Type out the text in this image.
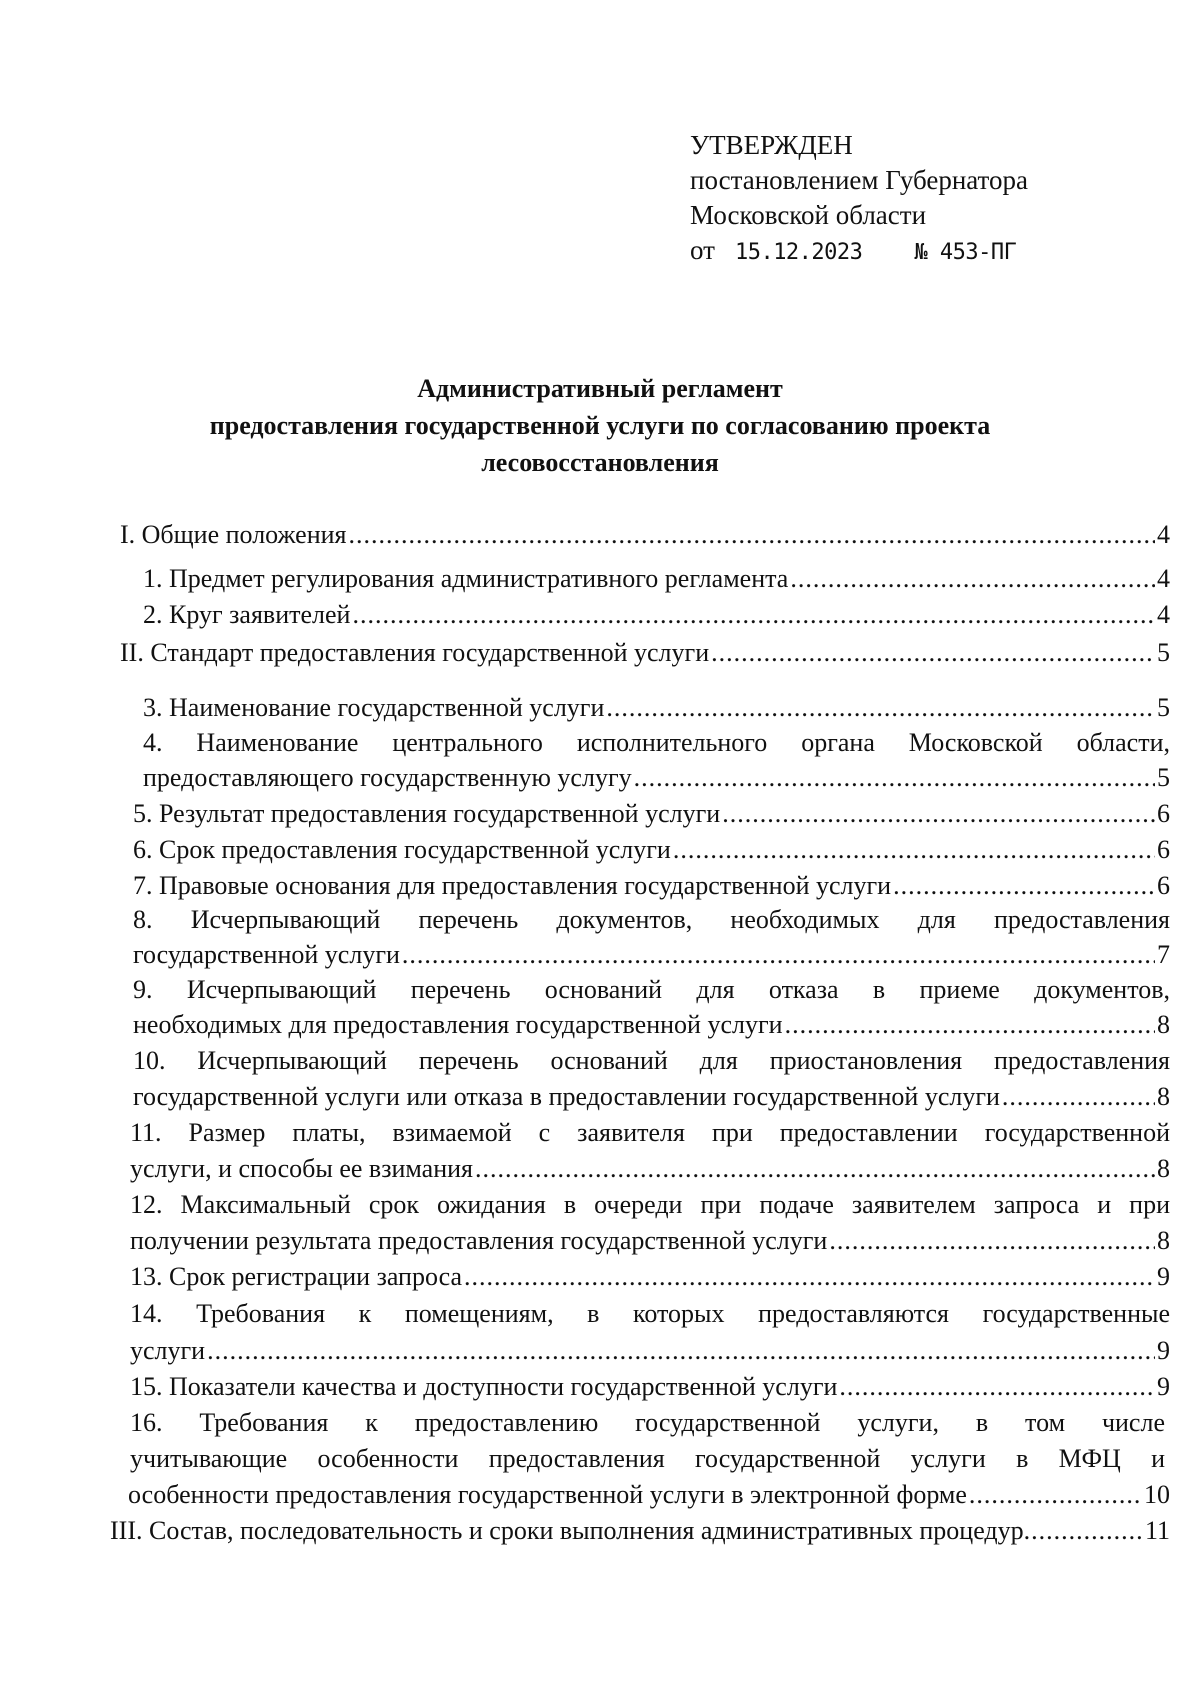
УТВЕРЖДЕН
постановлением Губернатора
Московской области
от 15.12.2023 № 453-ПГ
Административный регламент
предоставления государственной услуги по согласованию проекта
лесовосстановления
I. Общие положения .....	4
1. Предмет регулирования административного регламента .....	4
2. Круг заявителей .....	4
II. Стандарт предоставления государственной услуги .....	5
3. Наименование государственной услуги .....	5
4. Наименование центрального исполнительного органа Московской области,
предоставляющего государственную услугу .....	5
5. Результат предоставления государственной услуги .....	6
6. Срок предоставления государственной услуги .....	6
7. Правовые основания для предоставления государственной услуги .....	6
8. Исчерпывающий перечень документов, необходимых для предоставления
государственной услуги .....	7
9. Исчерпывающий перечень оснований для отказа в приеме документов,
необходимых для предоставления государственной услуги .....	8
10. Исчерпывающий перечень оснований для приостановления предоставления
государственной услуги или отказа в предоставлении государственной услуги .....	8
11. Размер платы, взимаемой с заявителя при предоставлении государственной
услуги, и способы ее взимания .....	8
12. Максимальный срок ожидания в очереди при подаче заявителем запроса и при
получении результата предоставления государственной услуги .....	8
13. Срок регистрации запроса .....	9
14. Требования к помещениям, в которых предоставляются государственные
услуги .....	9
15. Показатели качества и доступности государственной услуги .....	9
16. Требования к предоставлению государственной услуги, в том числе
учитывающие особенности предоставления государственной услуги в МФЦ и
особенности предоставления государственной услуги в электронной форме .....	10
III. Состав, последовательность и сроки выполнения административных процедур .....	11
